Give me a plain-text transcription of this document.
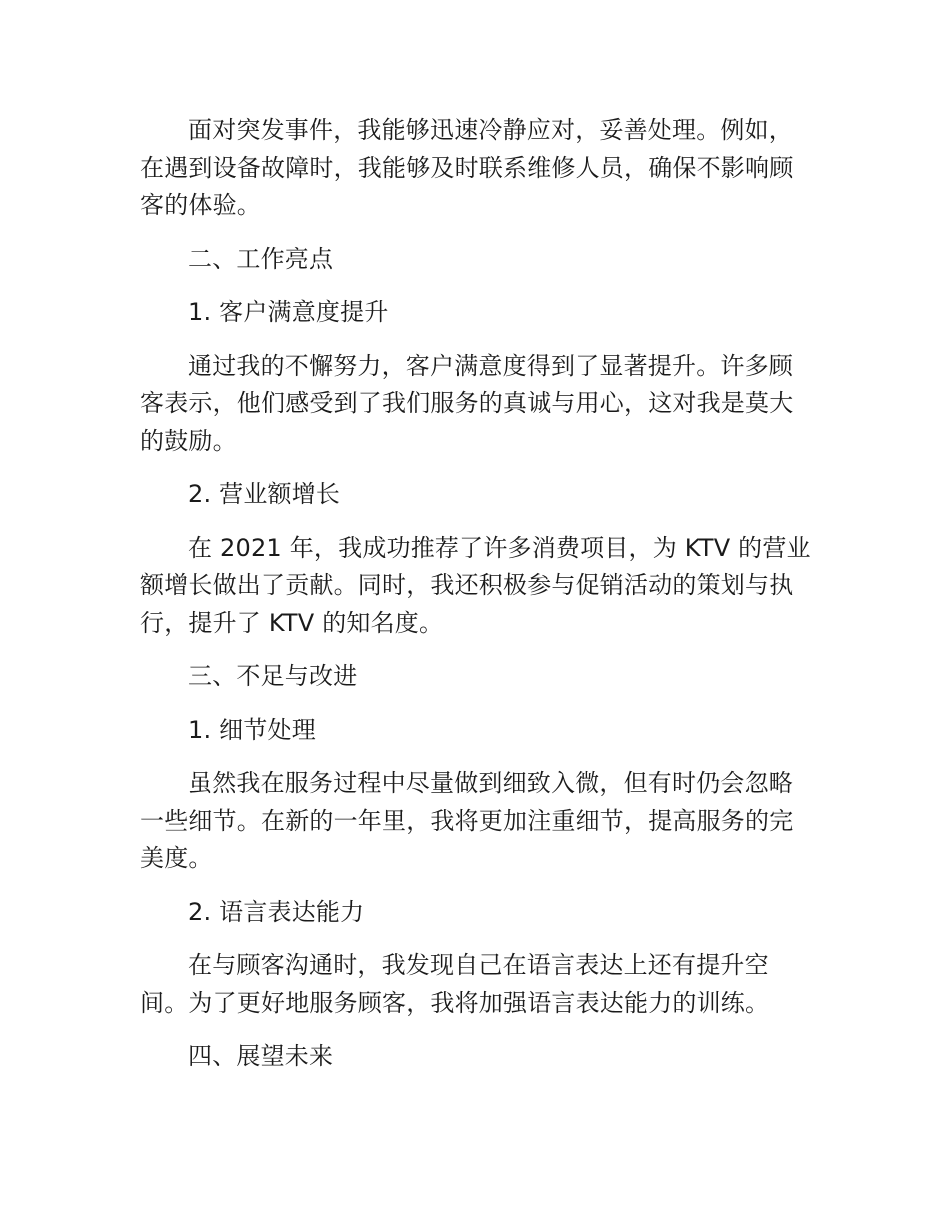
面对突发事件，我能够迅速冷静应对，妥善处理。例如，在遇到设备故障时，我能够及时联系维修人员，确保不影响顾客的体验。

二、工作亮点

1. 客户满意度提升

通过我的不懈努力，客户满意度得到了显著提升。许多顾客表示，他们感受到了我们服务的真诚与用心，这对我是莫大的鼓励。

2. 营业额增长

在 2021 年，我成功推荐了许多消费项目，为 KTV 的营业额增长做出了贡献。同时，我还积极参与促销活动的策划与执行，提升了 KTV 的知名度。

三、不足与改进

1. 细节处理

虽然我在服务过程中尽量做到细致入微，但有时仍会忽略一些细节。在新的一年里，我将更加注重细节，提高服务的完美度。

2. 语言表达能力

在与顾客沟通时，我发现自己在语言表达上还有提升空间。为了更好地服务顾客，我将加强语言表达能力的训练。

四、展望未来
